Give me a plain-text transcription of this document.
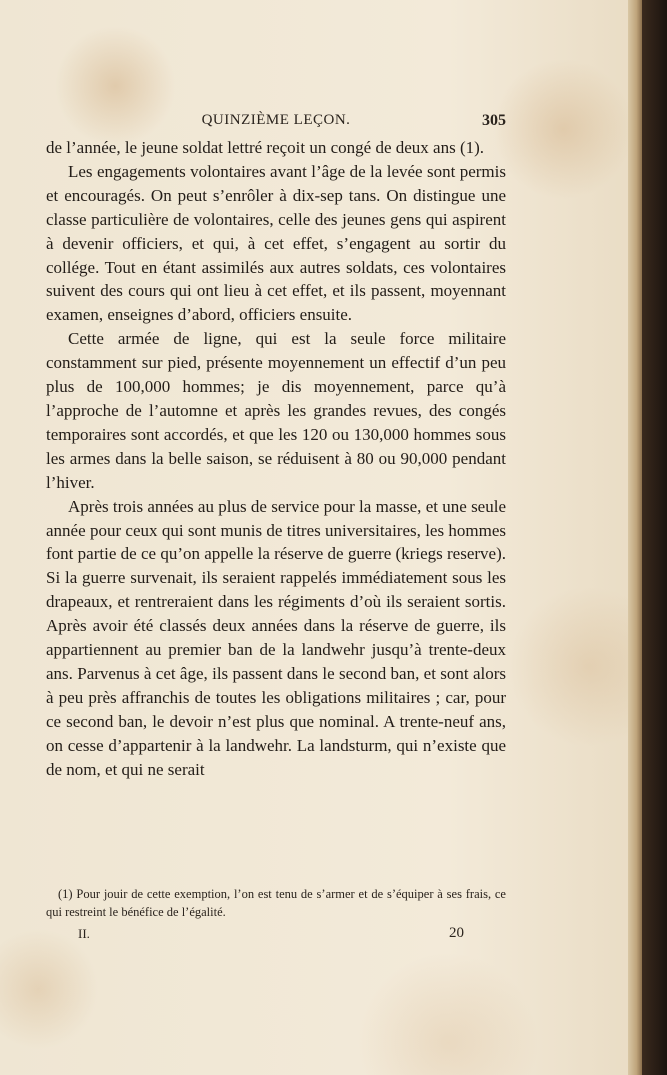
QUINZIÈME LEÇON.	305

de l’année, le jeune soldat lettré reçoit un congé de deux ans (1).

Les engagements volontaires avant l’âge de la levée sont permis et encouragés. On peut s’enrôler à dix-sep tans. On distingue une classe particulière de volontaires, celle des jeunes gens qui aspirent à devenir officiers, et qui, à cet effet, s’engagent au sortir du collége. Tout en étant assimilés aux autres soldats, ces volontaires suivent des cours qui ont lieu à cet effet, et ils passent, moyennant examen, enseignes d’abord, officiers ensuite.

Cette armée de ligne, qui est la seule force militaire constamment sur pied, présente moyennement un effectif d’un peu plus de 100,000 hommes; je dis moyennement, parce qu’à l’approche de l’automne et après les grandes revues, des congés temporaires sont accordés, et que les 120 ou 130,000 hommes sous les armes dans la belle saison, se réduisent à 80 ou 90,000 pendant l’hiver.

Après trois années au plus de service pour la masse, et une seule année pour ceux qui sont munis de titres universitaires, les hommes font partie de ce qu’on appelle la réserve de guerre (kriegs reserve). Si la guerre survenait, ils seraient rappelés immédiatement sous les drapeaux, et rentreraient dans les régiments d’où ils seraient sortis. Après avoir été classés deux années dans la réserve de guerre, ils appartiennent au premier ban de la landwehr jusqu’à trente-deux ans. Parvenus à cet âge, ils passent dans le second ban, et sont alors à peu près affranchis de toutes les obligations militaires ; car, pour ce second ban, le devoir n’est plus que nominal. A trente-neuf ans, on cesse d’appartenir à la landwehr. La landsturm, qui n’existe que de nom, et qui ne serait

(1) Pour jouir de cette exemption, l’on est tenu de s’armer et de s’équiper à ses frais, ce qui restreint le bénéfice de l’égalité.

II.	20
